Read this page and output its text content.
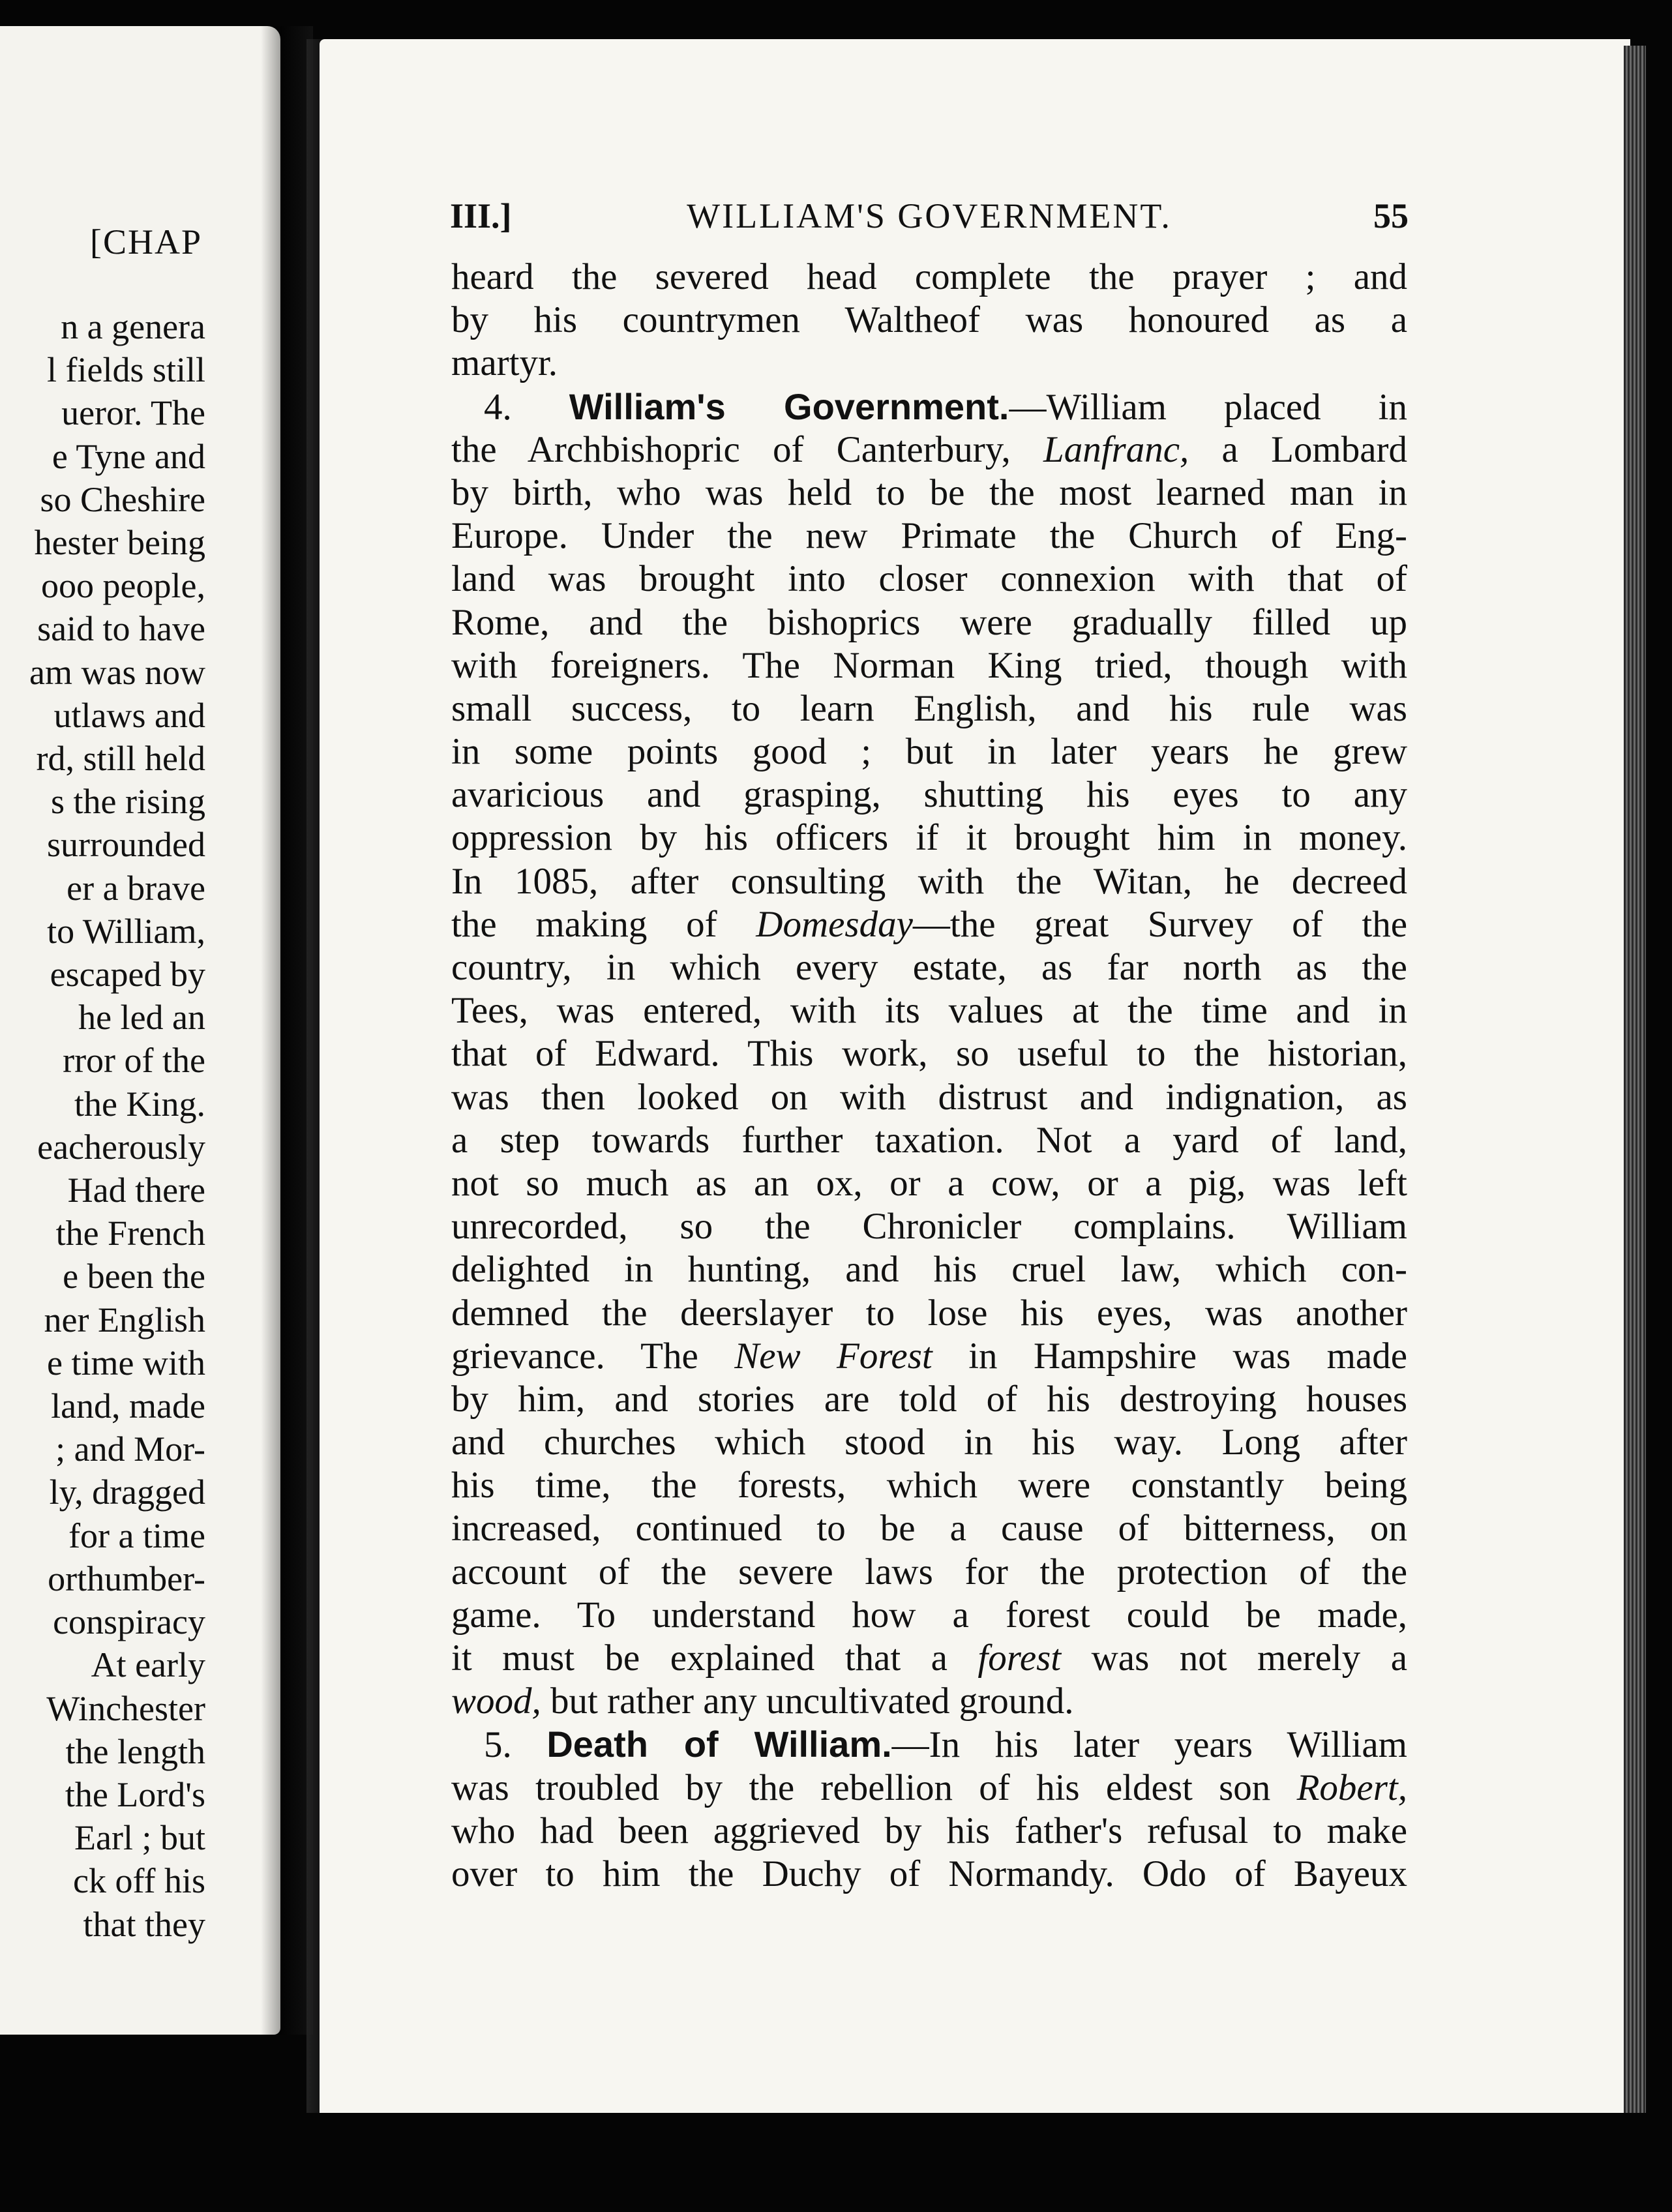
[CHAP
n a genera
l fields still
ueror. The
e Tyne and
so Cheshire
hester being
ooo people,
said to have
am was now
utlaws and
rd, still held
s the rising
surrounded
er a brave
to William,
escaped by
he led an
rror of the
the King.
eacherously
Had there
the French
e been the
ner English
e time with
land, made
; and Mor-
ly, dragged
for a time
orthumber-
conspiracy
At early
Winchester
the length
the Lord's
Earl ; but
ck off his
that they
III.]	WILLIAM'S GOVERNMENT.	55
heard the severed head complete the prayer ; and
by his countrymen Waltheof was honoured as a
martyr.
4. William's Government.—William placed in
the Archbishopric of Canterbury, Lanfranc, a Lombard
by birth, who was held to be the most learned man in
Europe. Under the new Primate the Church of Eng-
land was brought into closer connexion with that of
Rome, and the bishoprics were gradually filled up
with foreigners. The Norman King tried, though with
small success, to learn English, and his rule was
in some points good ; but in later years he grew
avaricious and grasping, shutting his eyes to any
oppression by his officers if it brought him in money.
In 1085, after consulting with the Witan, he decreed
the making of Domesday—the great Survey of the
country, in which every estate, as far north as the
Tees, was entered, with its values at the time and in
that of Edward. This work, so useful to the historian,
was then looked on with distrust and indignation, as
a step towards further taxation. Not a yard of land,
not so much as an ox, or a cow, or a pig, was left
unrecorded, so the Chronicler complains. William
delighted in hunting, and his cruel law, which con-
demned the deerslayer to lose his eyes, was another
grievance. The New Forest in Hampshire was made
by him, and stories are told of his destroying houses
and churches which stood in his way. Long after
his time, the forests, which were constantly being
increased, continued to be a cause of bitterness, on
account of the severe laws for the protection of the
game. To understand how a forest could be made,
it must be explained that a forest was not merely a
wood, but rather any uncultivated ground.
5. Death of William.—In his later years William
was troubled by the rebellion of his eldest son Robert,
who had been aggrieved by his father's refusal to make
over to him the Duchy of Normandy. Odo of Bayeux
